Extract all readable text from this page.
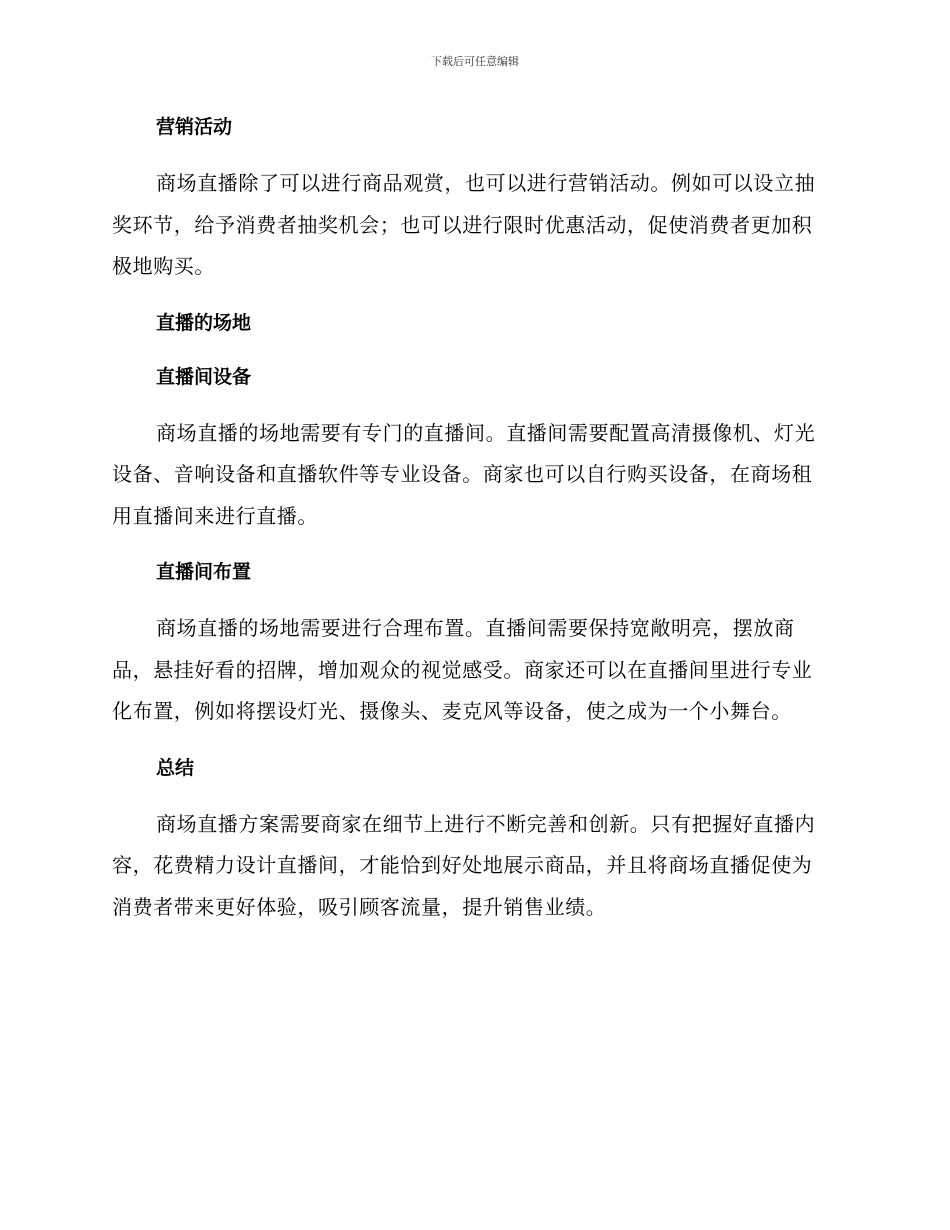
下载后可任意编辑
营销活动

商场直播除了可以进行商品观赏，也可以进行营销活动。例如可以设立抽奖环节，给予消费者抽奖机会；也可以进行限时优惠活动，促使消费者更加积极地购买。

直播的场地
直播间设备

商场直播的场地需要有专门的直播间。直播间需要配置高清摄像机、灯光设备、音响设备和直播软件等专业设备。商家也可以自行购买设备，在商场租用直播间来进行直播。

直播间布置

商场直播的场地需要进行合理布置。直播间需要保持宽敞明亮，摆放商品，悬挂好看的招牌，增加观众的视觉感受。商家还可以在直播间里进行专业化布置，例如将摆设灯光、摄像头、麦克风等设备，使之成为一个小舞台。

总结

商场直播方案需要商家在细节上进行不断完善和创新。只有把握好直播内容，花费精力设计直播间，才能恰到好处地展示商品，并且将商场直播促使为消费者带来更好体验，吸引顾客流量，提升销售业绩。
